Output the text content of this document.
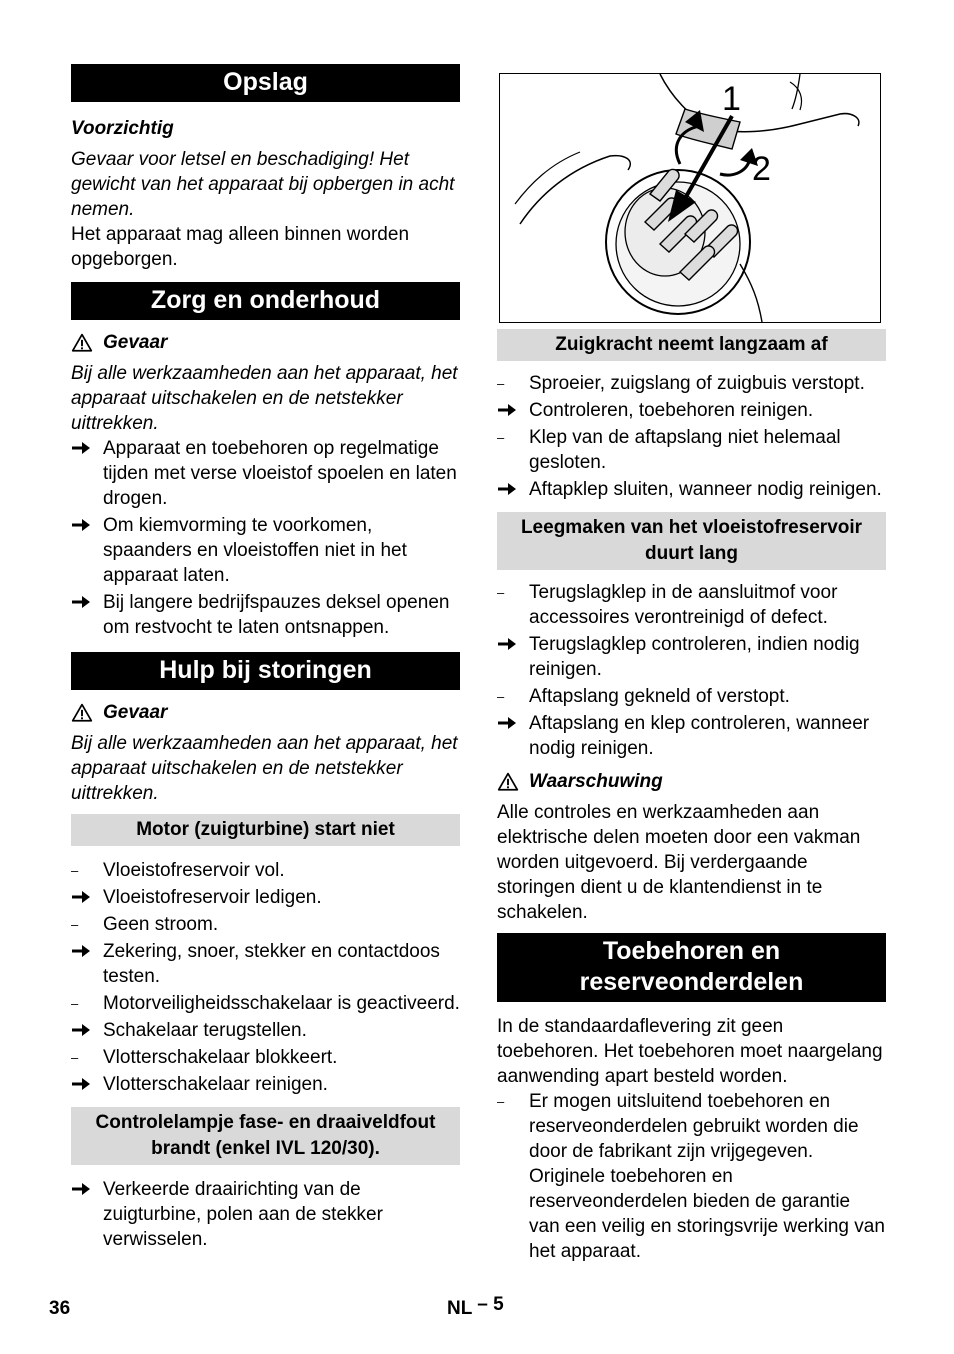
Opslag

Voorzichtig

Gevaar voor letsel en beschadiging! Het gewicht van het apparaat bij opbergen in acht nemen.

Het apparaat mag alleen binnen worden opgeborgen.

Zorg en onderhoud
Gevaar

Bij alle werkzaamheden aan het apparaat, het apparaat uitschakelen en de netstekker uittrekken.

Apparaat en toebehoren op regelmatige tijden met verse vloeistof spoelen en laten drogen.
Om kiemvorming te voorkomen, spaanders en vloeistoffen niet in het apparaat laten.
Bij langere bedrijfspauzes deksel openen om restvocht te laten ontsnappen.
Hulp bij storingen
Gevaar

Bij alle werkzaamheden aan het apparaat, het apparaat uitschakelen en de netstekker uittrekken.

Motor (zuigturbine) start niet
–	Vloeistofreservoir vol.
Vloeistofreservoir ledigen.
–	Geen stroom.
Zekering, snoer, stekker en contactdoos testen.
–	Motorveiligheidsschakelaar is geactiveerd.
Schakelaar terugstellen.
–	Vlotterschakelaar blokkeert.
Vlotterschakelaar reinigen.
Controlelampje fase- en draaiveldfout brandt (enkel IVL 120/30).
Verkeerde draairichting van de zuigturbine, polen aan de stekker verwisselen.
1
2
Zuigkracht neemt langzaam af
–	Sproeier, zuigslang of zuigbuis verstopt.
Controleren, toebehoren reinigen.
–	Klep van de aftapslang niet helemaal gesloten.
Aftapklep sluiten, wanneer nodig reinigen.
Leegmaken van het vloeistofreservoir duurt lang
–	Terugslagklep in de aansluitmof voor accessoires verontreinigd of defect.
Terugslagklep controleren, indien nodig reinigen.
–	Aftapslang gekneld of verstopt.
Aftapslang en klep controleren, wanneer nodig reinigen.
Waarschuwing

Alle controles en werkzaamheden aan elektrische delen moeten door een vakman worden uitgevoerd. Bij verdergaande storingen dient u de klantendienst in te schakelen.

Toebehoren en reserveonderdelen

In de standaardaflevering zit geen toebehoren. Het toebehoren moet naargelang aanwending apart besteld worden.

–	Er mogen uitsluitend toebehoren en reserveonderdelen gebruikt worden die door de fabrikant zijn vrijgegeven. Originele toebehoren en reserveonderdelen bieden de garantie van een veilig en storingsvrije werking van het apparaat.
36	NL – 5
